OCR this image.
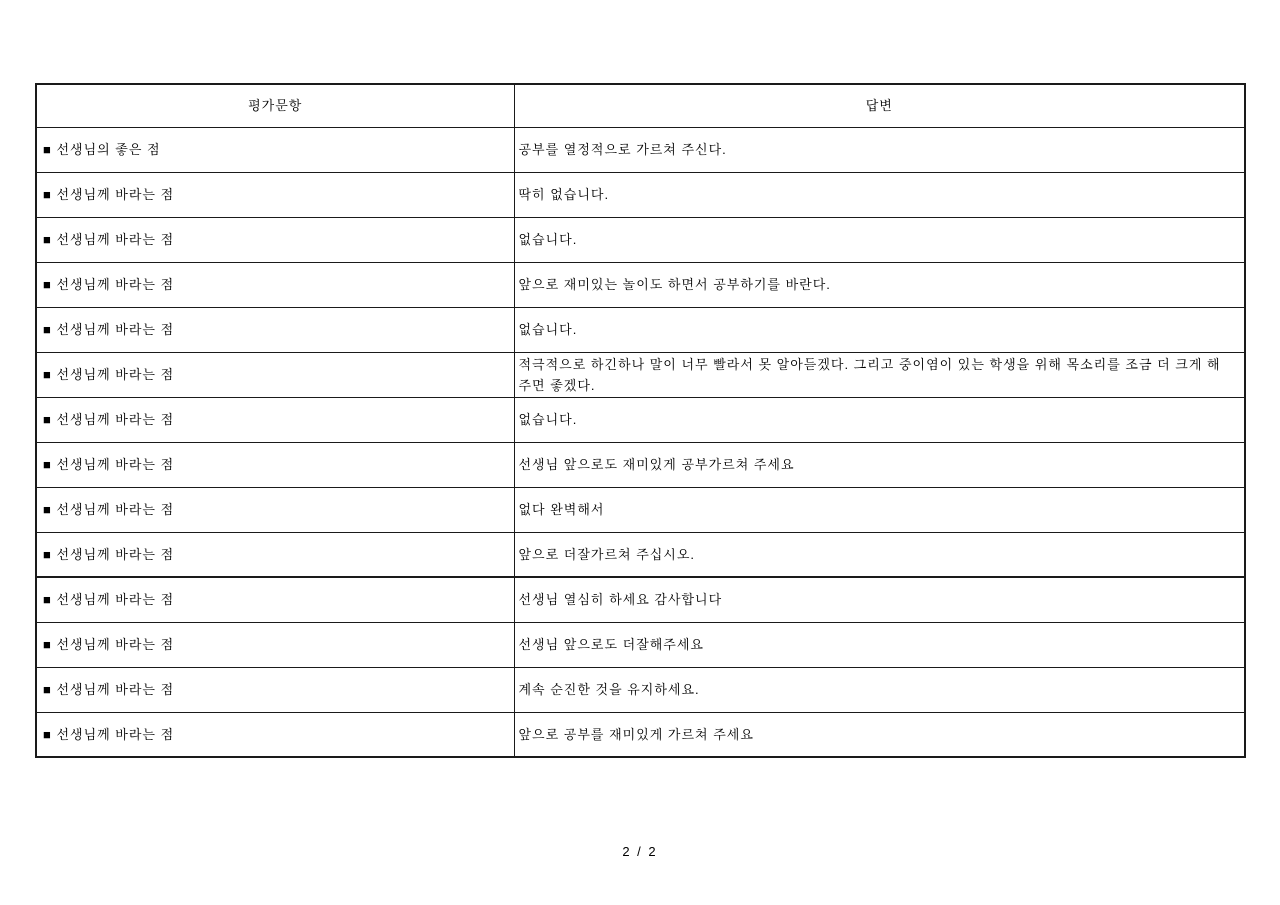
평가문항	답변
■ 선생님의 좋은 점	공부를 열정적으로 가르쳐 주신다.
■ 선생님께 바라는 점	딱히 없습니다.
■ 선생님께 바라는 점	없습니다.
■ 선생님께 바라는 점	앞으로 재미있는 놀이도 하면서 공부하기를 바란다.
■ 선생님께 바라는 점	없습니다.
■ 선생님께 바라는 점	적극적으로 하긴하나 말이 너무 빨라서 못 알아듣겠다. 그리고 중이염이 있는 학생을 위해 목소리를 조금 더 크게 해 주면 좋겠다.
■ 선생님께 바라는 점	없습니다.
■ 선생님께 바라는 점	선생님 앞으로도 재미있게 공부가르쳐 주세요
■ 선생님께 바라는 점	없다 완벽해서
■ 선생님께 바라는 점	앞으로 더잘가르쳐 주십시오.
■ 선생님께 바라는 점	선생님 열심히 하세요 감사합니다
■ 선생님께 바라는 점	선생님 앞으로도 더잘해주세요
■ 선생님께 바라는 점	계속 순진한 것을 유지하세요.
■ 선생님께 바라는 점	앞으로 공부를 재미있게 가르쳐 주세요
2 / 2
